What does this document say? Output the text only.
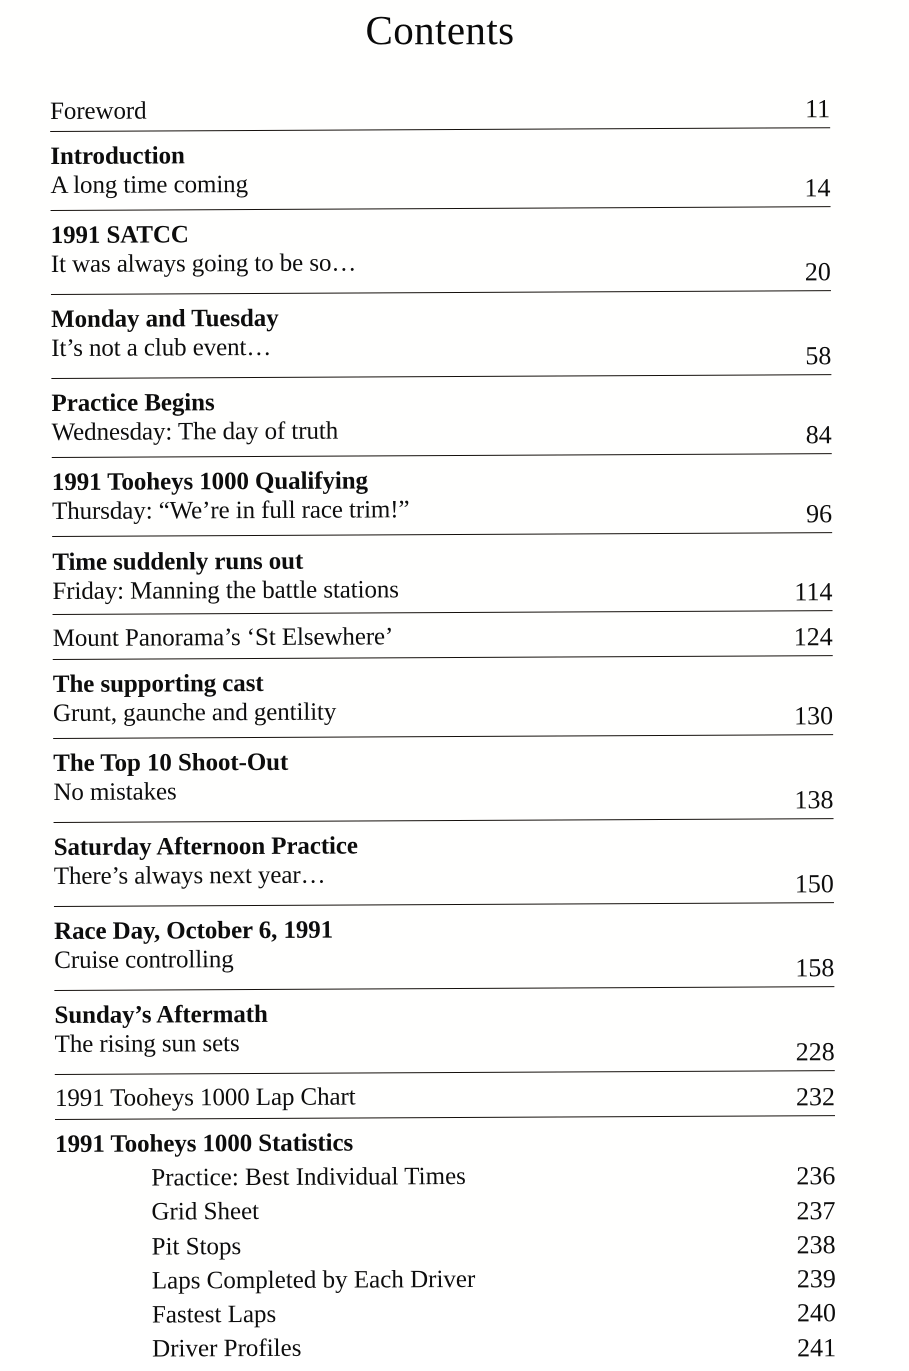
Contents
Foreword	11
Introduction
A long time coming	14
1991 SATCC
It was always going to be so…	20
Monday and Tuesday
It’s not a club event…	58
Practice Begins
Wednesday: The day of truth	84
1991 Tooheys 1000 Qualifying
Thursday: “We’re in full race trim!”	96
Time suddenly runs out
Friday: Manning the battle stations	114
Mount Panorama’s ‘St Elsewhere’	124
The supporting cast
Grunt, gaunche and gentility	130
The Top 10 Shoot-Out
No mistakes	138
Saturday Afternoon Practice
There’s always next year…	150
Race Day, October 6, 1991
Cruise controlling	158
Sunday’s Aftermath
The rising sun sets	228
1991 Tooheys 1000 Lap Chart	232
1991 Tooheys 1000 Statistics
Practice: Best Individual Times	236
Grid Sheet	237
Pit Stops	238
Laps Completed by Each Driver	239
Fastest Laps	240
Driver Profiles	241
